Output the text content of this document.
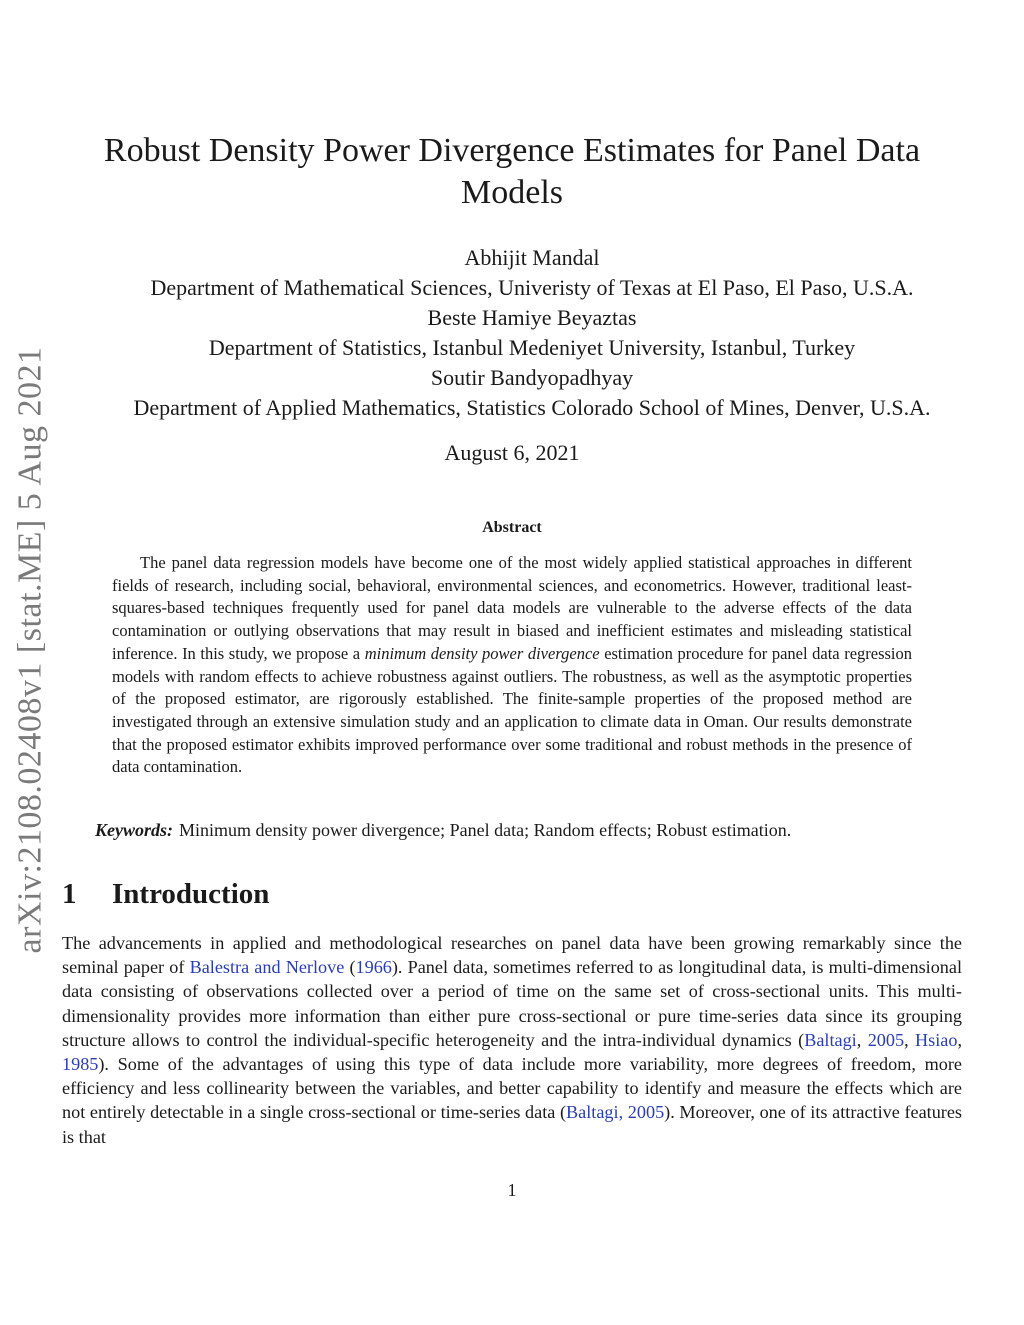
arXiv:2108.02408v1 [stat.ME] 5 Aug 2021
Robust Density Power Divergence Estimates for Panel Data Models
Abhijit Mandal
Department of Mathematical Sciences, Univeristy of Texas at El Paso, El Paso, U.S.A.
Beste Hamiye Beyaztas
Department of Statistics, Istanbul Medeniyet University, Istanbul, Turkey
Soutir Bandyopadhyay
Department of Applied Mathematics, Statistics Colorado School of Mines, Denver, U.S.A.
August 6, 2021
Abstract

The panel data regression models have become one of the most widely applied statistical approaches in different fields of research, including social, behavioral, environmental sciences, and econometrics. However, traditional least-squares-based techniques frequently used for panel data models are vulnerable to the adverse effects of the data contamination or outlying observations that may result in biased and inefficient estimates and misleading statistical inference. In this study, we propose a minimum density power divergence estimation procedure for panel data regression models with random effects to achieve robustness against outliers. The robustness, as well as the asymptotic properties of the proposed estimator, are rigorously established. The finite-sample properties of the proposed method are investigated through an extensive simulation study and an application to climate data in Oman. Our results demonstrate that the proposed estimator exhibits improved performance over some traditional and robust methods in the presence of data contamination.

Keywords: Minimum density power divergence; Panel data; Random effects; Robust estimation.
1 Introduction

The advancements in applied and methodological researches on panel data have been growing remarkably since the seminal paper of Balestra and Nerlove (1966). Panel data, sometimes referred to as longitudinal data, is multi-dimensional data consisting of observations collected over a period of time on the same set of cross-sectional units. This multi-dimensionality provides more information than either pure cross-sectional or pure time-series data since its grouping structure allows to control the individual-specific heterogeneity and the intra-individual dynamics (Baltagi, 2005, Hsiao, 1985). Some of the advantages of using this type of data include more variability, more degrees of freedom, more efficiency and less collinearity between the variables, and better capability to identify and measure the effects which are not entirely detectable in a single cross-sectional or time-series data (Baltagi, 2005). Moreover, one of its attractive features is that

1
